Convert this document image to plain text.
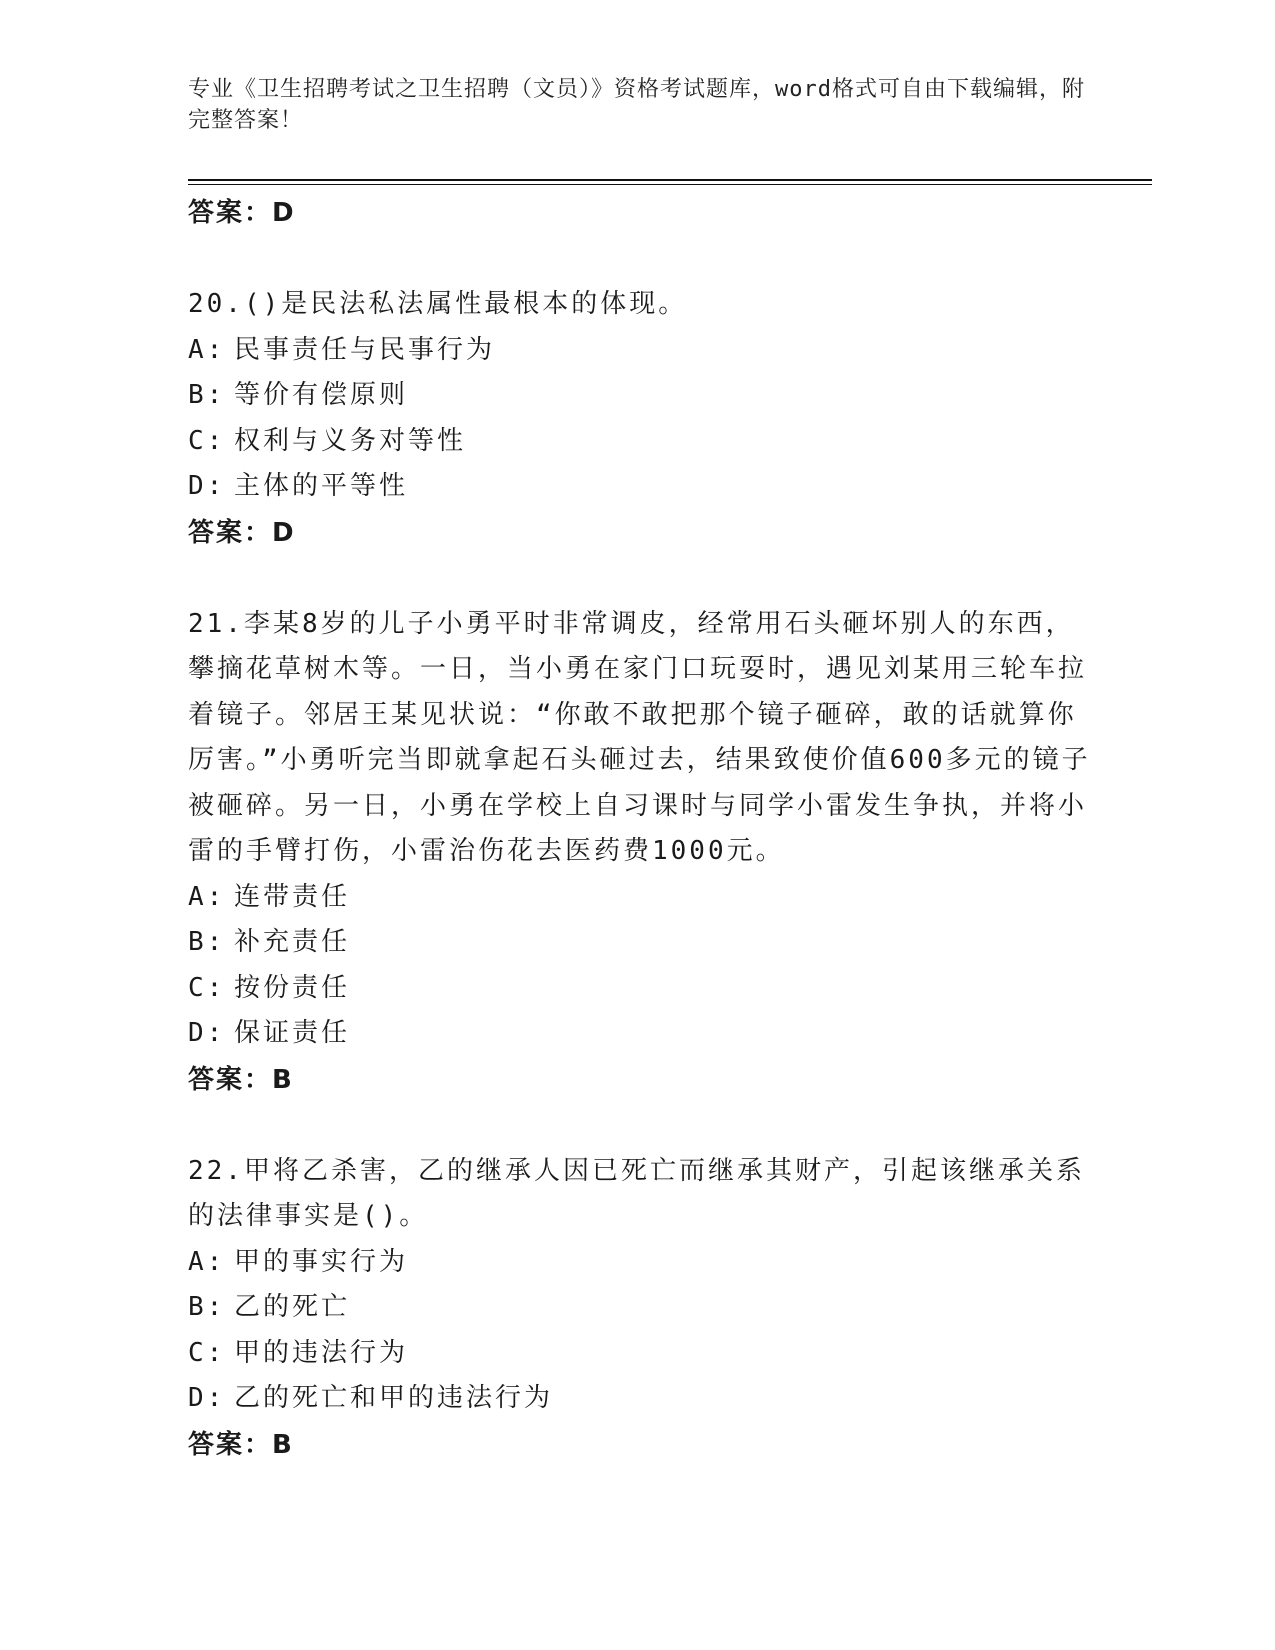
专业《卫生招聘考试之卫生招聘（文员）》资格考试题库，word格式可自由下载编辑，附完整答案！
答案：D

20.()是民法私法属性最根本的体现。

A: 民事责任与民事行为
B: 等价有偿原则
C: 权利与义务对等性
D: 主体的平等性
答案：D

21.李某8岁的儿子小勇平时非常调皮，经常用石头砸坏别人的东西，攀摘花草树木等。一日，当小勇在家门口玩耍时，遇见刘某用三轮车拉着镜子。邻居王某见状说：“你敢不敢把那个镜子砸碎，敢的话就算你厉害。”小勇听完当即就拿起石头砸过去，结果致使价值600多元的镜子被砸碎。另一日，小勇在学校上自习课时与同学小雷发生争执，并将小雷的手臂打伤，小雷治伤花去医药费1000元。

A: 连带责任
B: 补充责任
C: 按份责任
D: 保证责任
答案：B

22.甲将乙杀害，乙的继承人因已死亡而继承其财产，引起该继承关系的法律事实是()。

A: 甲的事实行为
B: 乙的死亡
C: 甲的违法行为
D: 乙的死亡和甲的违法行为
答案：B
